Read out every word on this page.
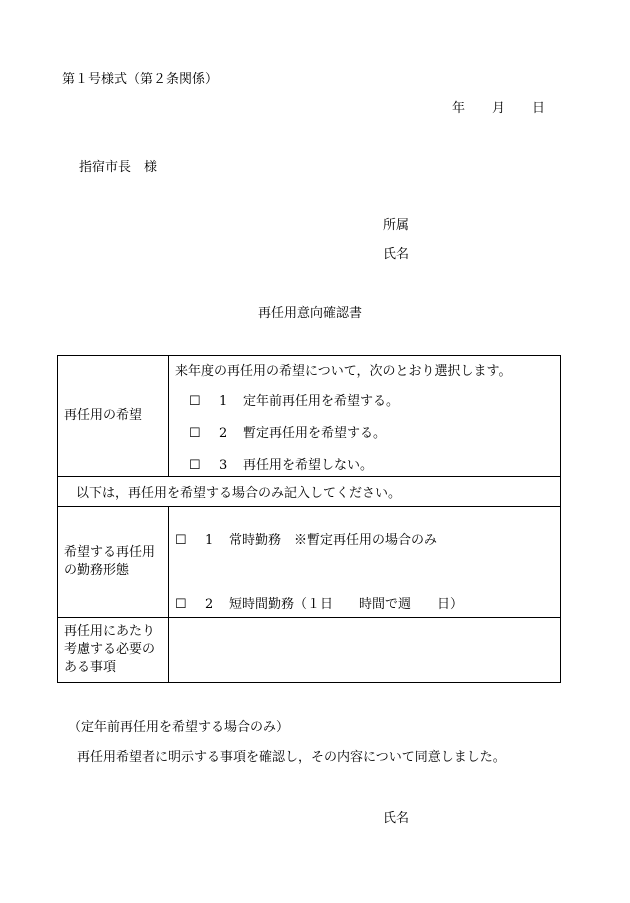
第１号様式（第２条関係）
年 月 日
指宿市長　様
所属
氏名
再任用意向確認書
再任用の希望	来年度の再任用の希望について，次のとおり選択します。
☐ 1 定年前再任用を希望する。
☐ 2 暫定再任用を希望する。
☐ 3 再任用を希望しない。

以下は，再任用を希望する場合のみ記入してください。	
希望する再任用の勤務形態	☐ 1 常時勤務　※暫定再任用の場合のみ
☐ 2 短時間勤務（１日　　時間で週　　日）

再任用にあたり考慮する必要のある事項	
（定年前再任用を希望する場合のみ）
再任用希望者に明示する事項を確認し，その内容について同意しました。
氏名
